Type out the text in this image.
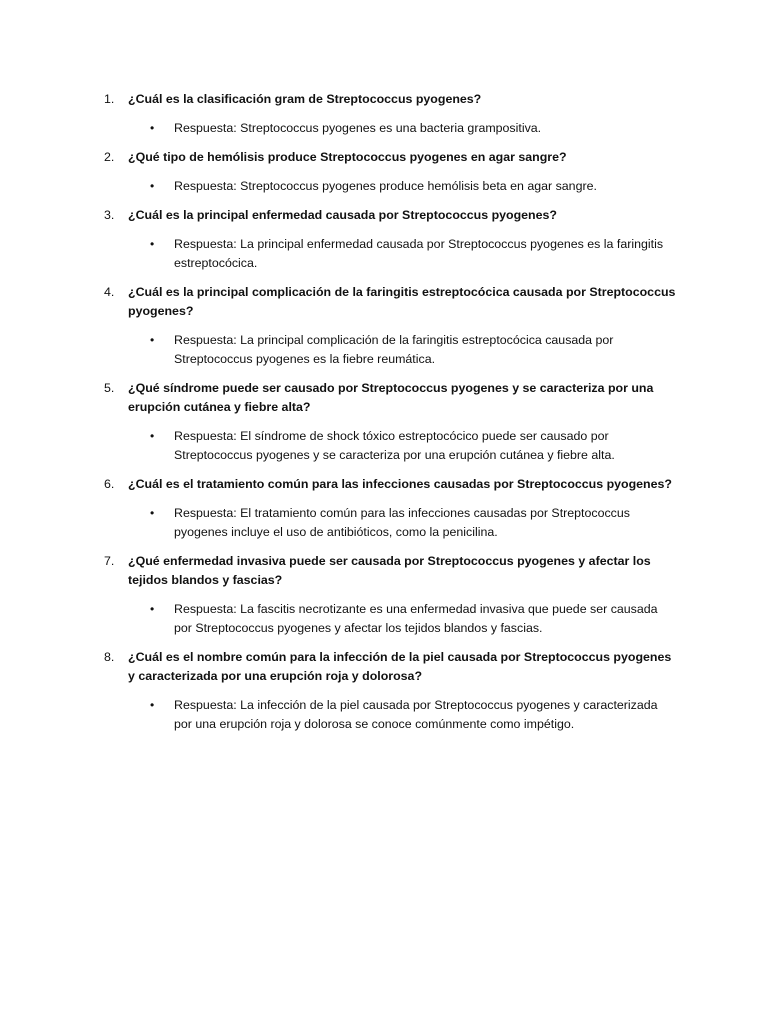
1. ¿Cuál es la clasificación gram de Streptococcus pyogenes?
• Respuesta: Streptococcus pyogenes es una bacteria grampositiva.
2. ¿Qué tipo de hemólisis produce Streptococcus pyogenes en agar sangre?
• Respuesta: Streptococcus pyogenes produce hemólisis beta en agar sangre.
3. ¿Cuál es la principal enfermedad causada por Streptococcus pyogenes?
• Respuesta: La principal enfermedad causada por Streptococcus pyogenes es la faringitis estreptocócica.
4. ¿Cuál es la principal complicación de la faringitis estreptocócica causada por Streptococcus pyogenes?
• Respuesta: La principal complicación de la faringitis estreptocócica causada por Streptococcus pyogenes es la fiebre reumática.
5. ¿Qué síndrome puede ser causado por Streptococcus pyogenes y se caracteriza por una erupción cutánea y fiebre alta?
• Respuesta: El síndrome de shock tóxico estreptocócico puede ser causado por Streptococcus pyogenes y se caracteriza por una erupción cutánea y fiebre alta.
6. ¿Cuál es el tratamiento común para las infecciones causadas por Streptococcus pyogenes?
• Respuesta: El tratamiento común para las infecciones causadas por Streptococcus pyogenes incluye el uso de antibióticos, como la penicilina.
7. ¿Qué enfermedad invasiva puede ser causada por Streptococcus pyogenes y afectar los tejidos blandos y fascias?
• Respuesta: La fascitis necrotizante es una enfermedad invasiva que puede ser causada por Streptococcus pyogenes y afectar los tejidos blandos y fascias.
8. ¿Cuál es el nombre común para la infección de la piel causada por Streptococcus pyogenes y caracterizada por una erupción roja y dolorosa?
• Respuesta: La infección de la piel causada por Streptococcus pyogenes y caracterizada por una erupción roja y dolorosa se conoce comúnmente como impétigo.
